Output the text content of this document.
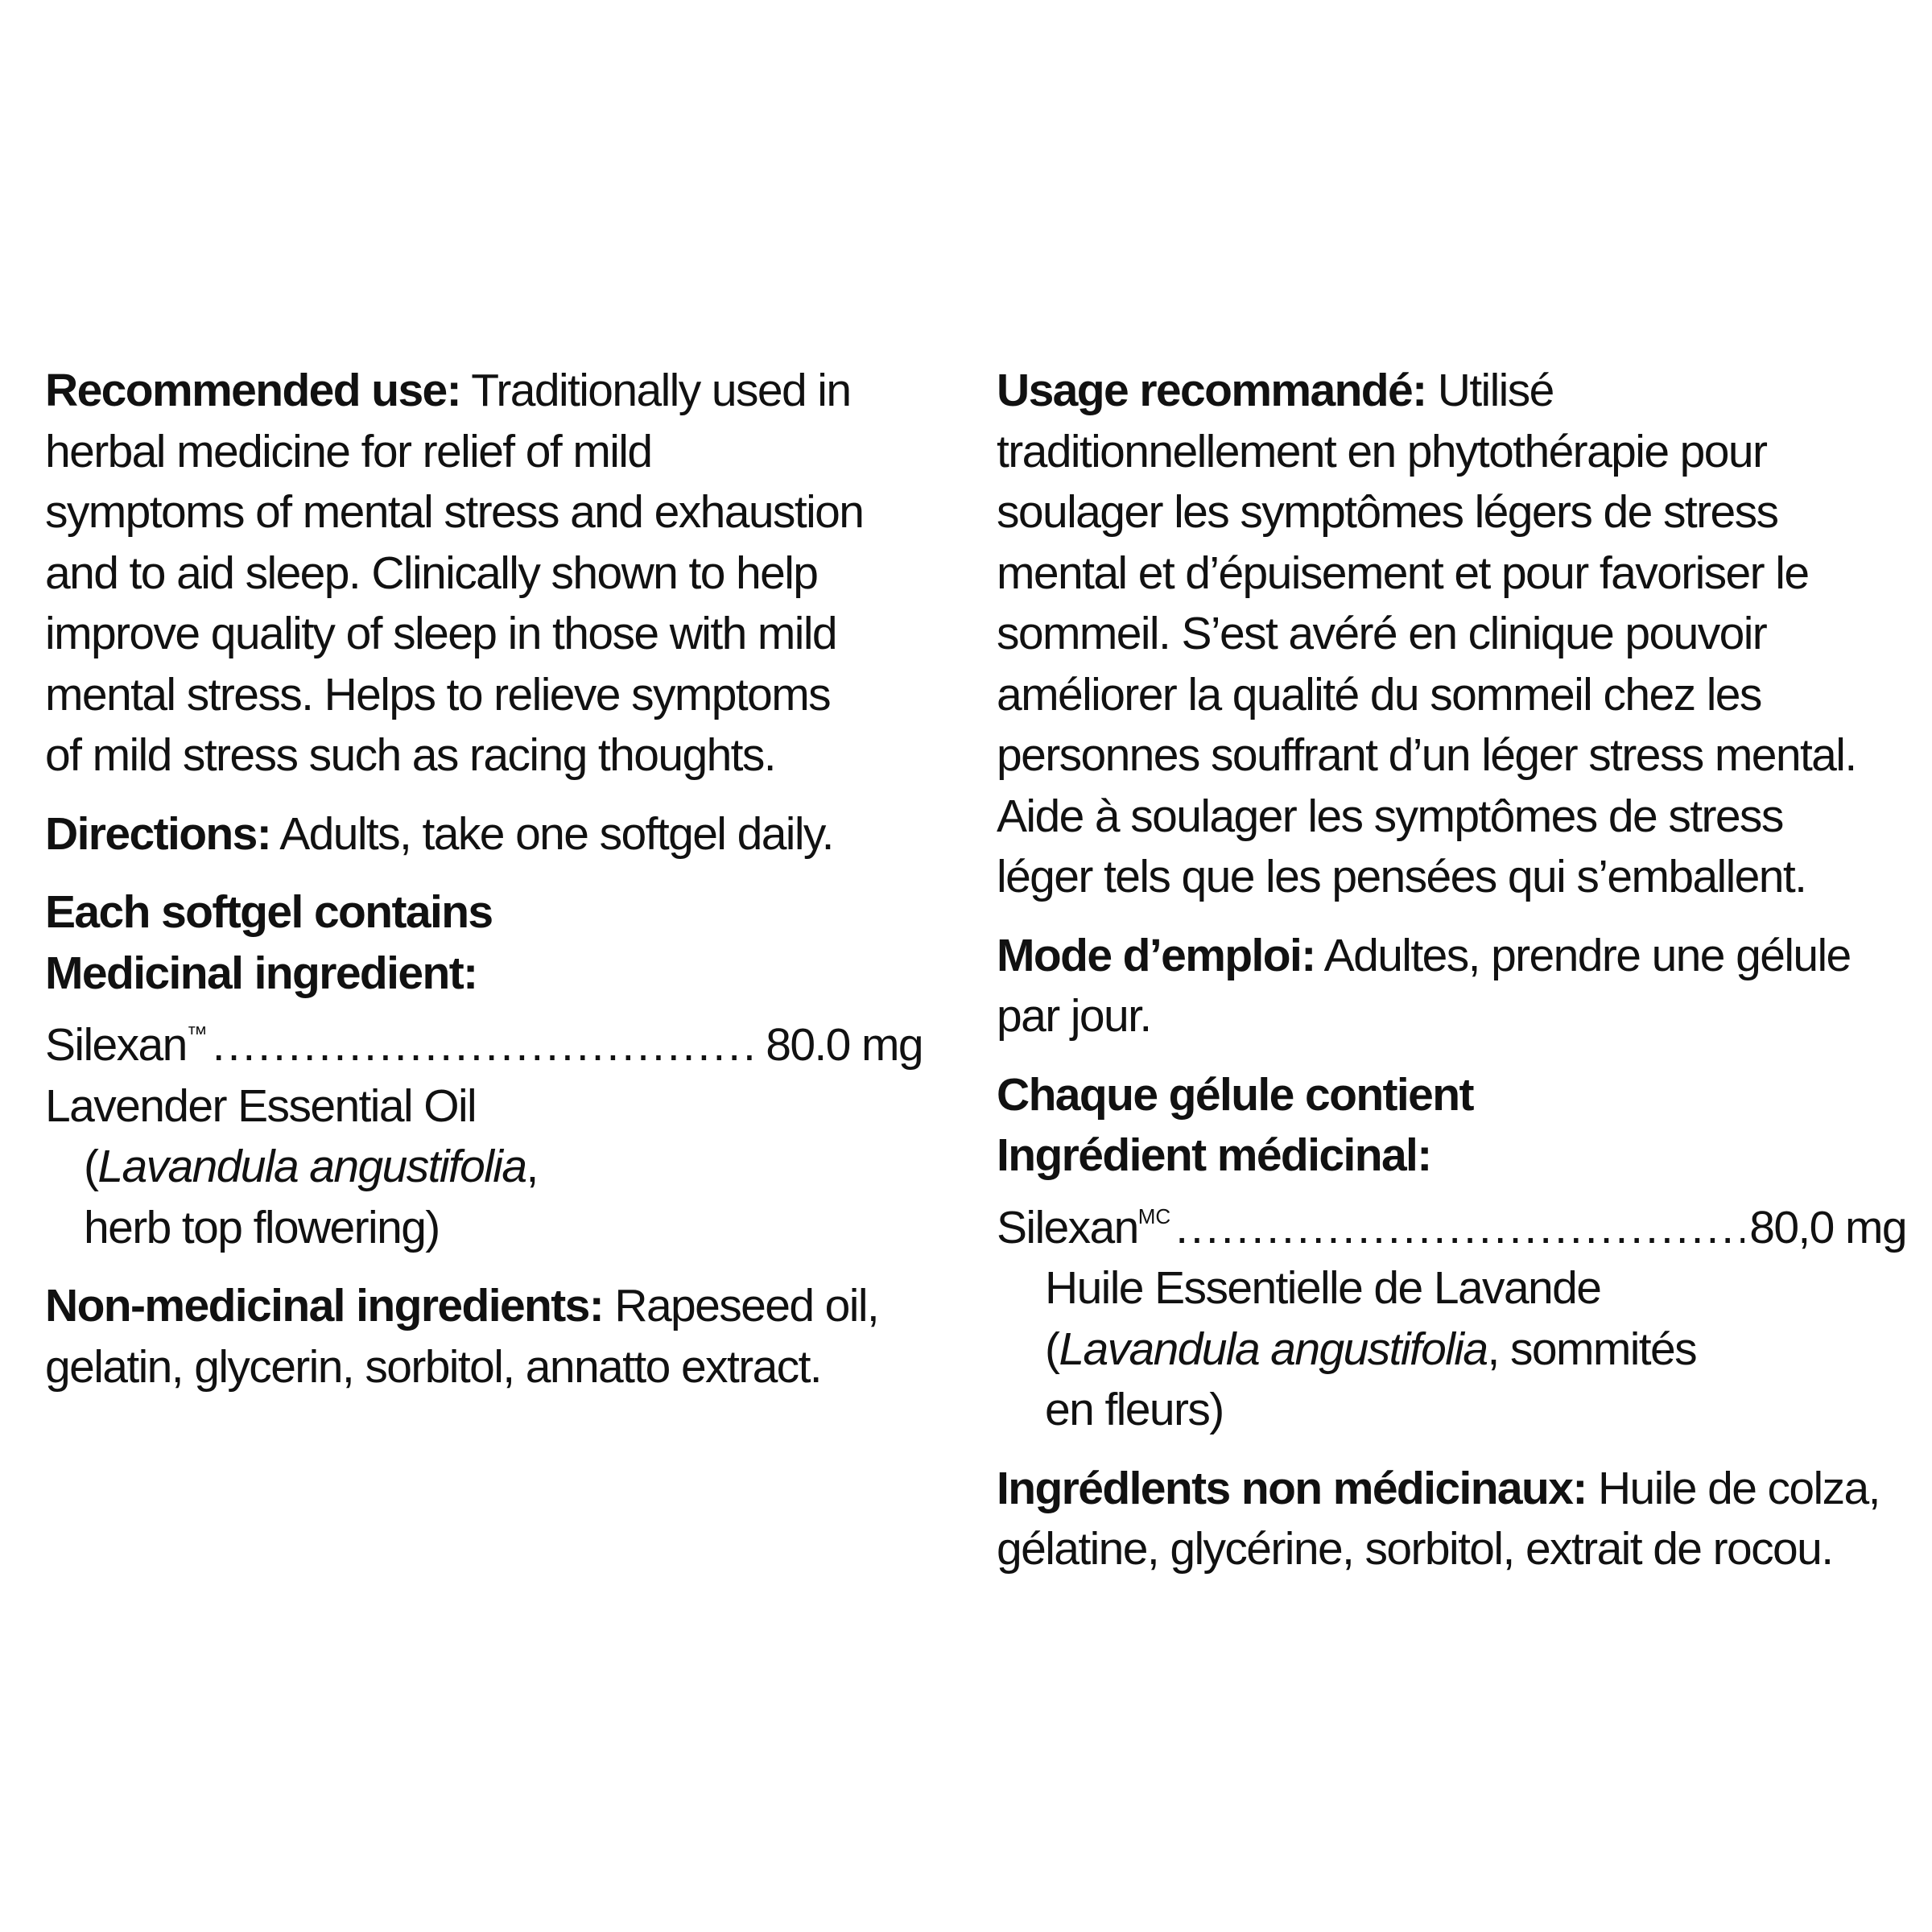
Recommended use: Traditionally used in
herbal medicine for relief of mild
symptoms of mental stress and exhaustion
and to aid sleep. Clinically shown to help
improve quality of sleep in those with mild
mental stress. Helps to relieve symptoms
of mild stress such as racing thoughts.
Directions: Adults, take one softgel daily.
Each softgel contains
Medicinal ingredient:
Silexan™ .....	80.0 mg
Lavender Essential Oil
(Lavandula angustifolia,
herb top flowering)
Non-medicinal ingredients: Rapeseed oil,
gelatin, glycerin, sorbitol, annatto extract.
Usage recommandé: Utilisé
traditionnellement en phytothérapie pour
soulager les symptômes légers de stress
mental et d’épuisement et pour favoriser le
sommeil. S’est avéré en clinique pouvoir
améliorer la qualité du sommeil chez les
personnes souffrant d’un léger stress mental.
Aide à soulager les symptômes de stress
léger tels que les pensées qui s’emballent.
Mode d’emploi: Adultes, prendre une gélule
par jour.
Chaque gélule contient
Ingrédient médicinal:
Silexan$^{MC}$ .....	80,0 mg
Huile Essentielle de Lavande
(Lavandula angustifolia, sommités
en fleurs)
Ingrédlents non médicinaux: Huile de colza,
gélatine, glycérine, sorbitol, extrait de rocou.
